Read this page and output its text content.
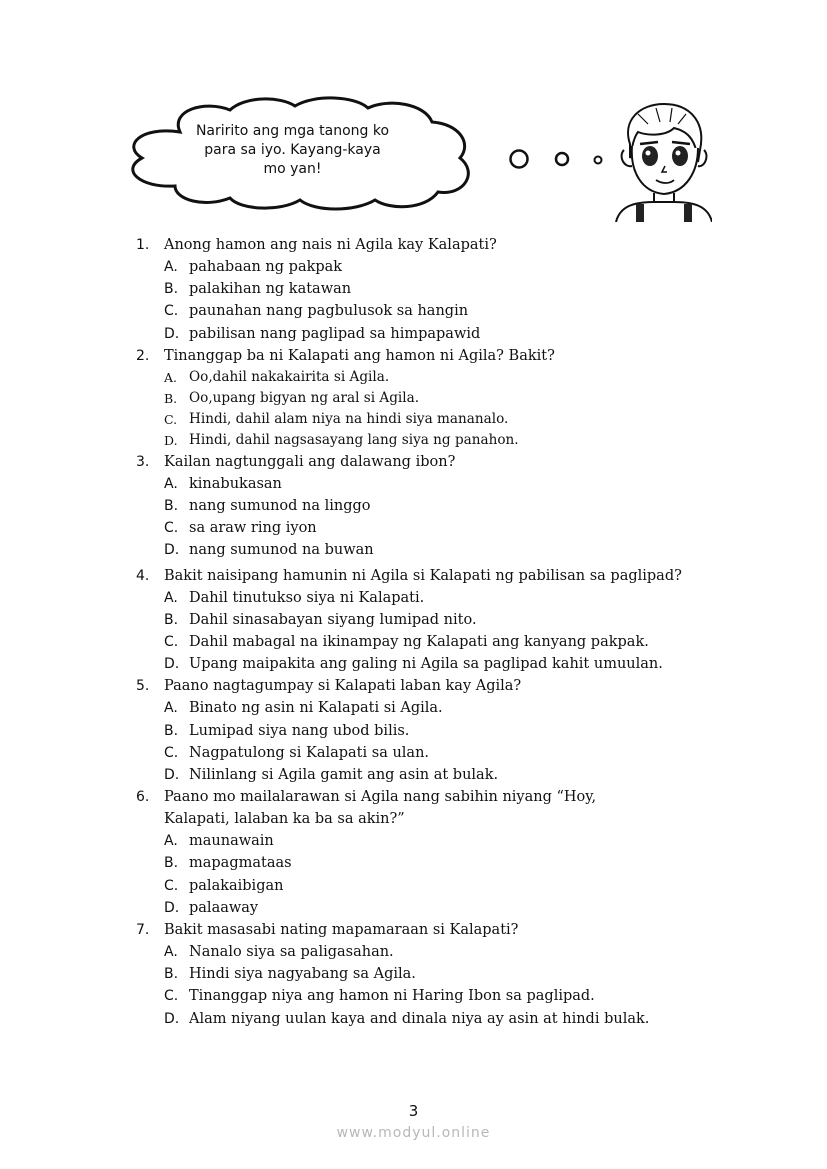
Naririto ang mga tanong ko
para sa iyo. Kayang-kaya
mo yan!
1.	Anong hamon ang nais ni Agila kay Kalapati?
A. pahabaan ng pakpak
B. palakihan ng katawan
C. paunahan nang pagbulusok sa hangin
D. pabilisan nang paglipad sa himpapawid
2.	Tinanggap ba ni Kalapati ang hamon ni Agila? Bakit?
A. Oo,dahil nakakairita si Agila.
B. Oo,upang bigyan ng aral si Agila.
C. Hindi, dahil alam niya na hindi siya mananalo.
D. Hindi, dahil nagsasayang lang siya ng panahon.
3.	Kailan nagtunggali ang dalawang ibon?
A. kinabukasan
B. nang sumunod na linggo
C. sa araw ring iyon
D. nang sumunod na buwan
4.	Bakit naisipang hamunin ni Agila si Kalapati ng pabilisan sa paglipad?
A. Dahil tinutukso siya ni Kalapati.
B. Dahil sinasabayan siyang lumipad nito.
C. Dahil mabagal na ikinampay ng Kalapati ang kanyang pakpak.
D. Upang maipakita ang galing ni Agila sa paglipad kahit umuulan.
5.	Paano nagtagumpay si Kalapati laban kay Agila?
A. Binato ng asin ni Kalapati si Agila.
B. Lumipad siya nang ubod bilis.
C. Nagpatulong si Kalapati sa ulan.
D. Nilinlang si Agila gamit ang asin at bulak.
6.	Paano mo mailalarawan si Agila nang sabihin niyang “Hoy,
Kalapati, lalaban ka ba sa akin?”
A. maunawain
B. mapagmataas
C. palakaibigan
D. palaaway
7.	Bakit masasabi nating mapamaraan si Kalapati?
A. Nanalo siya sa paligasahan.
B. Hindi siya nagyabang sa Agila.
C. Tinanggap niya ang hamon ni Haring Ibon sa paglipad.
D. Alam niyang uulan kaya and dinala niya ay asin at hindi bulak.
3
www.modyul.online
